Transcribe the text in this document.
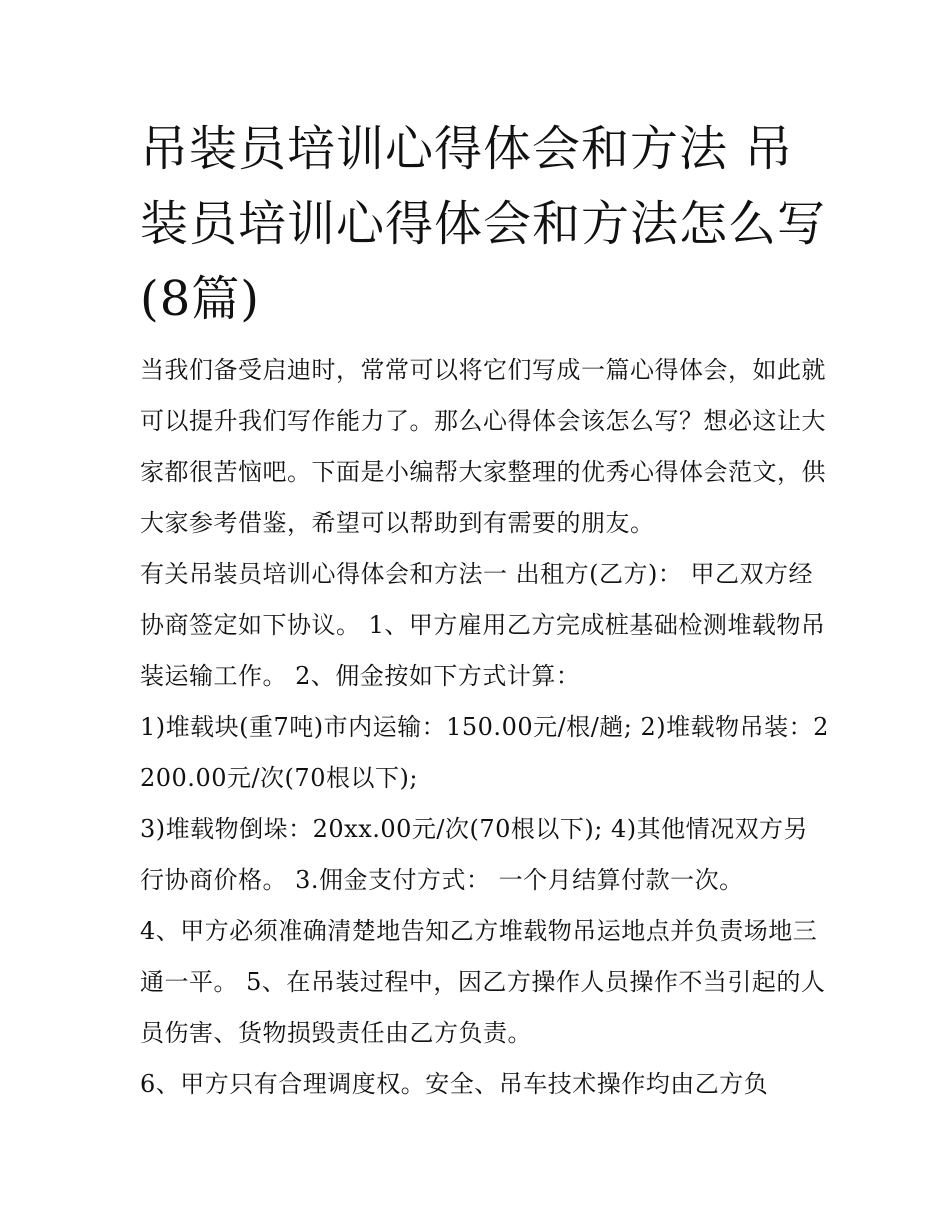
吊装员培训心得体会和方法 吊装员培训心得体会和方法怎么写(8篇)

当我们备受启迪时，常常可以将它们写成一篇心得体会，如此就可以提升我们写作能力了。那么心得体会该怎么写？想必这让大家都很苦恼吧。下面是小编帮大家整理的优秀心得体会范文，供大家参考借鉴，希望可以帮助到有需要的朋友。

有关吊装员培训心得体会和方法一 出租方(乙方)： 甲乙双方经协商签定如下协议。 1、甲方雇用乙方完成桩基础检测堆载物吊装运输工作。 2、佣金按如下方式计算：

1)堆载块(重7吨)市内运输：150.00元/根/趟; 2)堆载物吊装：2200.00元/次(70根以下);

3)堆载物倒垛：20xx.00元/次(70根以下); 4)其他情况双方另行协商价格。 3.佣金支付方式： 一个月结算付款一次。

4、甲方必须准确清楚地告知乙方堆载物吊运地点并负责场地三通一平。 5、在吊装过程中，因乙方操作人员操作不当引起的人员伤害、货物损毁责任由乙方负责。

6、甲方只有合理调度权。安全、吊车技术操作均由乙方负
